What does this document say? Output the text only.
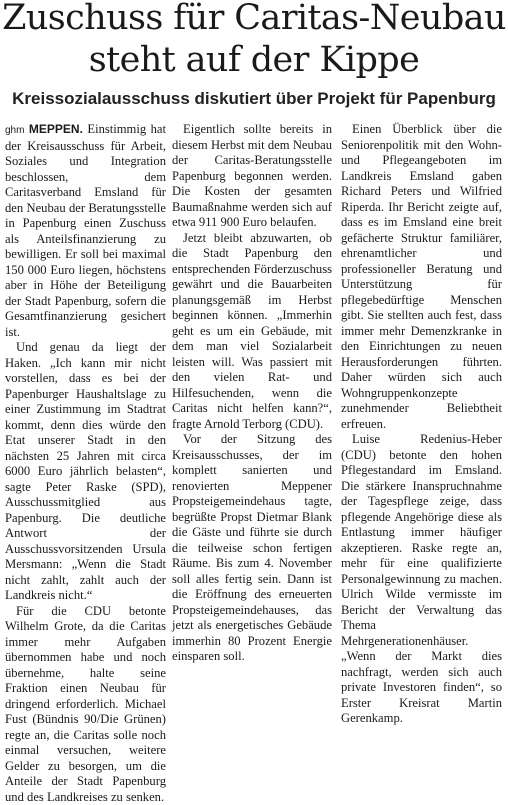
Zuschuss für Caritas-Neubau
steht auf der Kippe
Kreissozialausschuss diskutiert über Projekt für Papenburg

ghm MEPPEN. Einstimmig hat der Kreisausschuss für Arbeit, Soziales und Integration beschlossen, dem Caritasverband Emsland für den Neubau der Beratungsstelle in Papenburg einen Zuschuss als Anteilsfinanzierung zu bewilligen. Er soll bei maximal 150 000 Euro liegen, höchstens aber in Höhe der Beteiligung der Stadt Papenburg, sofern die Gesamtfinanzierung gesichert ist.

Und genau da liegt der Haken. „Ich kann mir nicht vorstellen, dass es bei der Papenburger Haushaltslage zu einer Zustimmung im Stadtrat kommt, denn dies würde den Etat unserer Stadt in den nächsten 25 Jahren mit circa 6000 Euro jährlich belasten“, sagte Peter Raske (SPD), Ausschussmitglied aus Papenburg. Die deutliche Antwort der Ausschussvorsitzenden Ursula Mersmann: „Wenn die Stadt nicht zahlt, zahlt auch der Landkreis nicht.“

Für die CDU betonte Wilhelm Grote, da die Caritas immer mehr Aufgaben übernommen habe und noch übernehme, halte seine Fraktion einen Neubau für dringend erforderlich. Michael Fust (Bündnis 90/Die Grünen) regte an, die Caritas solle noch einmal versuchen, weitere Gelder zu besorgen, um die Anteile der Stadt Papenburg und des Landkreises zu senken.

Eigentlich sollte bereits in diesem Herbst mit dem Neubau der Caritas-Beratungsstelle Papenburg begonnen werden. Die Kosten der gesamten Baumaßnahme werden sich auf etwa 911 900 Euro belaufen.

Jetzt bleibt abzuwarten, ob die Stadt Papenburg den entsprechenden Förderzuschuss gewährt und die Bauarbeiten planungsgemäß im Herbst beginnen können. „Immerhin geht es um ein Gebäude, mit dem man viel Sozialarbeit leisten will. Was passiert mit den vielen Rat- und Hilfesuchenden, wenn die Caritas nicht helfen kann?“, fragte Arnold Terborg (CDU).

Vor der Sitzung des Kreisausschusses, der im komplett sanierten und renovierten Meppener Propsteigemeindehaus tagte, begrüßte Propst Dietmar Blank die Gäste und führte sie durch die teilweise schon fertigen Räume. Bis zum 4. November soll alles fertig sein. Dann ist die Eröffnung des erneuerten Propsteigemeindehauses, das jetzt als energetisches Gebäude immerhin 80 Prozent Energie einsparen soll.

Einen Überblick über die Seniorenpolitik mit den Wohn- und Pflegeangeboten im Landkreis Emsland gaben Richard Peters und Wilfried Riperda. Ihr Bericht zeigte auf, dass es im Emsland eine breit gefächerte Struktur familiärer, ehrenamtlicher und professioneller Beratung und Unterstützung für pflegebedürftige Menschen gibt. Sie stellten auch fest, dass immer mehr Demenzkranke in den Einrichtungen zu neuen Herausforderungen führten. Daher würden sich auch Wohngruppenkonzepte zunehmender Beliebtheit erfreuen.

Luise Redenius-Heber (CDU) betonte den hohen Pflegestandard im Emsland. Die stärkere Inanspruchnahme der Tagespflege zeige, dass pflegende Angehörige diese als Entlastung immer häufiger akzeptieren. Raske regte an, mehr für eine qualifizierte Personalgewinnung zu machen. Ulrich Wilde vermisste im Bericht der Verwaltung das Thema Mehrgenerationenhäuser. „Wenn der Markt dies nachfragt, werden sich auch private Investoren finden“, so Erster Kreisrat Martin Gerenkamp.
